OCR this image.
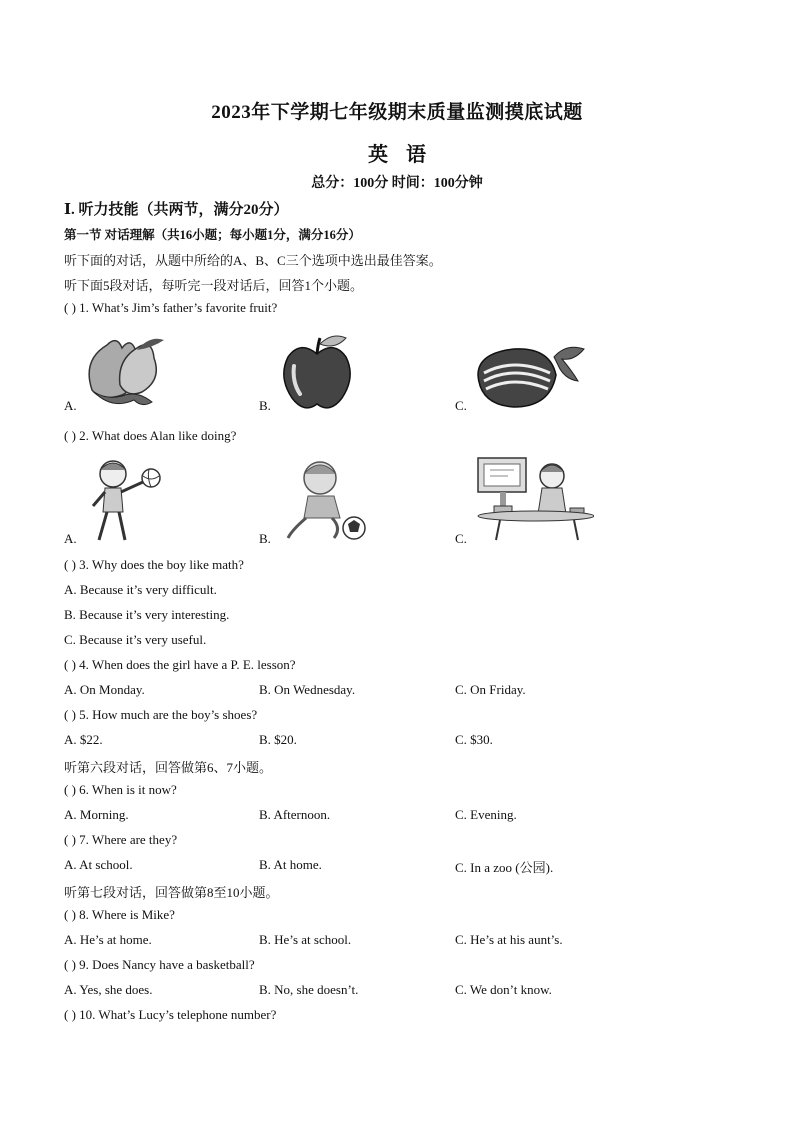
2023年下学期七年级期末质量监测摸底试题
英语
总分：100分 时间：100分钟
Ⅰ. 听力技能（共两节，满分20分）
第一节 对话理解（共16小题；每小题1分，满分16分）
听下面的对话，从题中所给的A、B、C三个选项中选出最佳答案。
听下面5段对话，每听完一段对话后，回答1个小题。
( ) 1. What’s Jim’s father’s favorite fruit?
A.	B.	C.
( ) 2. What does Alan like doing?
A.	B.	C.
( ) 3. Why does the boy like math?
A. Because it’s very difficult.
B. Because it’s very interesting.
C. Because it’s very useful.
( ) 4. When does the girl have a P. E. lesson?
A. On Monday.	B. On Wednesday.	C. On Friday.
( ) 5. How much are the boy’s shoes?
A. $22.	B. $20.	C. $30.
听第六段对话，回答做第6、7小题。
( ) 6. When is it now?
A. Morning.	B. Afternoon.	C. Evening.
( ) 7. Where are they?
A. At school.	B. At home.	C. In a zoo (公园).
听第七段对话，回答做第8至10小题。
( ) 8. Where is Mike?
A. He’s at home.	B. He’s at school.	C. He’s at his aunt’s.
( ) 9. Does Nancy have a basketball?
A. Yes, she does.	B. No, she doesn’t.	C. We don’t know.
( ) 10. What’s Lucy’s telephone number?
